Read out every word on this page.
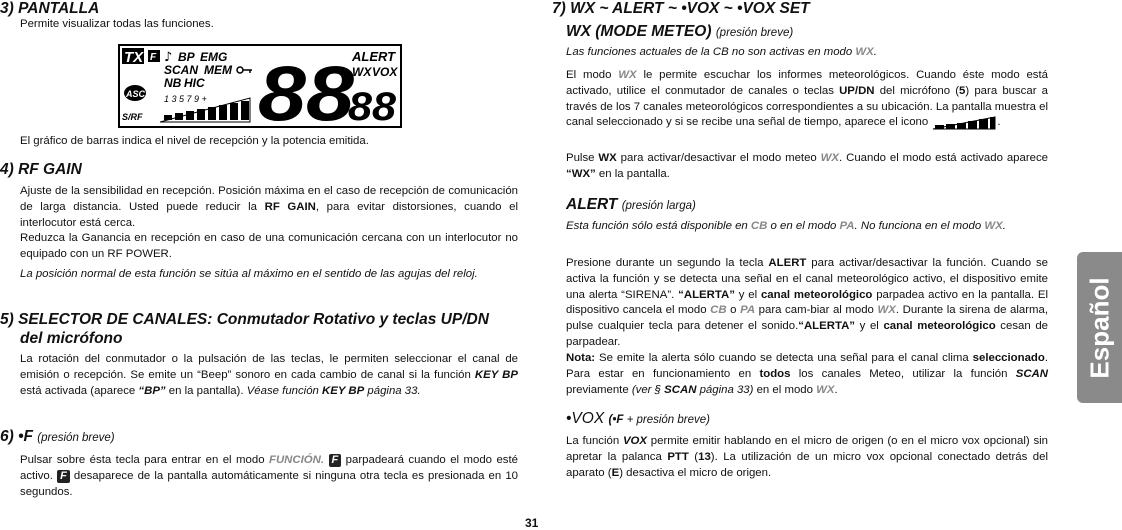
3) PANTALLA
Permite visualizar todas las funciones.
TX F ♪ BP EMG
SCAN MEM
NB HIC
ASC 1 3 5 7 9 +
S/RF 88
ALERT
WX VOX
88
El gráfico de barras indica el nivel de recepción y la potencia emitida.
4) RF GAIN
Ajuste de la sensibilidad en recepción. Posición máxima en el caso de recepción de comunicación de larga distancia. Usted puede reducir la RF GAIN, para evitar distorsiones, cuando el interlocutor está cerca.
Reduzca la Ganancia en recepción en caso de una comunicación cercana con un interlocutor no equipado con un RF POWER.
La posición normal de esta función se sitúa al máximo en el sentido de las agujas del reloj.
5) SELECTOR DE CANALES: Conmutador Rotativo y teclas UP/DN
del micrófono
La rotación del conmutador o la pulsación de las teclas, le permiten seleccionar el canal de emisión o recepción. Se emite un “Beep” sonoro en cada cambio de canal si la función KEY BP está activada (aparece “BP” en la pantalla). Véase función KEY BP página 33.
6) •F (presión breve)
Pulsar sobre ésta tecla para entrar en el modo FUNCIÓN. F parpadeará cuando el modo esté activo. F desaparece de la pantalla automáticamente si ninguna otra tecla es presionada en 10 segundos.
7) WX ~ ALERT ~ •VOX ~ •VOX SET
WX (MODE METEO) (presión breve)
Las funciones actuales de la CB no son activas en modo WX.
El modo WX le permite escuchar los informes meteorológicos. Cuando éste modo está activado, utilice el conmutador de canales o teclas UP/DN del micrófono (5) para buscar a través de los 7 canales meteorológicos correspondientes a su ubicación. La pantalla muestra el canal seleccionado y si se recibe una señal de tiempo, aparece el icono	.
Pulse WX para activar/desactivar el modo meteo WX. Cuando el modo está activado aparece “WX” en la pantalla.
ALERT (presión larga)
Esta función sólo está disponible en CB o en el modo PA. No funciona en el modo WX.
Presione durante un segundo la tecla ALERT para activar/desactivar la función. Cuando se activa la función y se detecta una señal en el canal meteorológico activo, el dispositivo emite una alerta “SIRENA”. “ALERTA” y el canal meteorológico parpadea activo en la pantalla. El dispositivo cancela el modo CB o PA para cam-biar al modo WX. Durante la sirena de alarma, pulse cualquier tecla para detener el sonido.“ALERTA” y el canal meteorológico cesan de parpadear.
Nota: Se emite la alerta sólo cuando se detecta una señal para el canal clima seleccionado. Para estar en funcionamiento en todos los canales Meteo, utilizar la función SCAN previamente (ver § SCAN página 33) en el modo WX.
•VOX (•F + presión breve)
La función VOX permite emitir hablando en el micro de origen (o en el micro vox opcional) sin apretar la palanca PTT (13). La utilización de un micro vox opcional conectado detrás del aparato (E) desactiva el micro de origen.
Español
31
